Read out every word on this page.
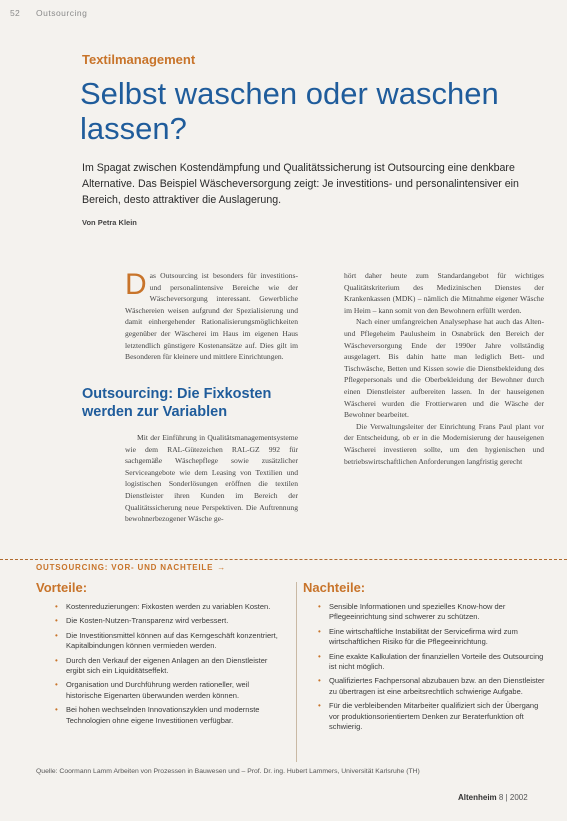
52 Outsourcing
Textilmanagement
Selbst waschen oder waschen lassen?
Im Spagat zwischen Kostendämpfung und Qualitätssicherung ist Outsourcing eine denkbare Alternative. Das Beispiel Wäscheversorgung zeigt: Je investitions- und personalintensiver ein Bereich, desto attraktiver die Auslagerung.
Von Petra Klein
D as Outsourcing ist besonders für investitions- und personalintensive Bereiche wie der Wäscheversorgung interessant. Gewerbliche Wäschereien weisen aufgrund der Spezialisierung und damit einhergehender Rationalisierungsmöglichkeiten gegenüber der Wäscherei im Haus im eigenen Haus letztendlich günstigere Kostenansätze auf. Dies gilt im Besonderen für kleinere und mittlere Einrichtungen.
Outsourcing: Die Fixkosten werden zur Variablen

Mit der Einführung in Qualitätsmanagementsysteme wie dem RAL-Gütezeichen RAL-GZ 992 für sachgemäße Wäschepflege sowie zusätzlicher Serviceangebote wie dem Leasing von Textilien und logistischen Sonderlösungen eröffnen die textilen Dienstleister ihren Kunden im Bereich der Qualitätssicherung neue Perspektiven. Die Auftrennung bewohnerbezogener Wäsche ge-

hört daher heute zum Standardangebot für wichtiges Qualitätskriterium des Medizinischen Dienstes der Krankenkassen (MDK) – nämlich die Mitnahme eigener Wäsche im Heim – kann somit von den Bewohnern erfüllt werden.

Nach einer umfangreichen Analysephase hat auch das Alten- und Pflegeheim Paulusheim in Osnabrück den Bereich der Wäscheversorgung Ende der 1990er Jahre vollständig ausgelagert. Bis dahin hatte man lediglich Bett- und Tischwäsche, Betten und Kissen sowie die Dienstbekleidung des Pflegepersonals und die Oberbekleidung der Bewohner durch einen Dienstleister aufbereiten lassen. In der hauseigenen Wäscherei wurden die Frottierwaren und die Wäsche der Bewohner bearbeitet.

Die Verwaltungsleiter der Einrichtung Frans Paul plant vor der Entscheidung, ob er in die Modernisierung der hauseigenen Wäscherei investieren sollte, um den hygienischen und betriebswirtschaftlichen Anforderungen langfristig gerecht

OUTSOURCING: VOR- UND NACHTEILE →
Vorteile:	Nachteile:
• Kostenreduzierungen: Fixkosten werden zu variablen Kosten.
• Die Kosten-Nutzen-Transparenz wird verbessert.
• Die Investitionsmittel können auf das Kerngeschäft konzentriert, Kapitalbindungen können vermieden werden.
• Durch den Verkauf der eigenen Anlagen an den Dienstleister ergibt sich ein Liquiditätseffekt.
• Organisation und Durchführung werden rationeller, weil historische Eigenarten überwunden werden können.
• Bei hohen wechselnden Innovationszyklen und modernste Technologien ohne eigene Investitionen verfügbar.
• Sensible Informationen und spezielles Know-how der Pflegeeinrichtung sind schwerer zu schützen.
• Eine wirtschaftliche Instabilität der Servicefirma wird zum wirtschaftlichen Risiko für die Pflegeeinrichtung.
• Eine exakte Kalkulation der finanziellen Vorteile des Outsourcing ist nicht möglich.
• Qualifiziertes Fachpersonal abzubauen bzw. an den Dienstleister zu übertragen ist eine arbeitsrechtlich schwierige Aufgabe.
• Für die verbleibenden Mitarbeiter qualifiziert sich der Übergang vor produktionsorientiertem Denken zur Beraterfunktion oft schwierig.
Quelle: Coormann Lamm Arbeiten von Prozessen in Bauwesen und – Prof. Dr. ing. Hubert Lammers, Universität Karlsruhe (TH)
Altenheim 8 | 2002
